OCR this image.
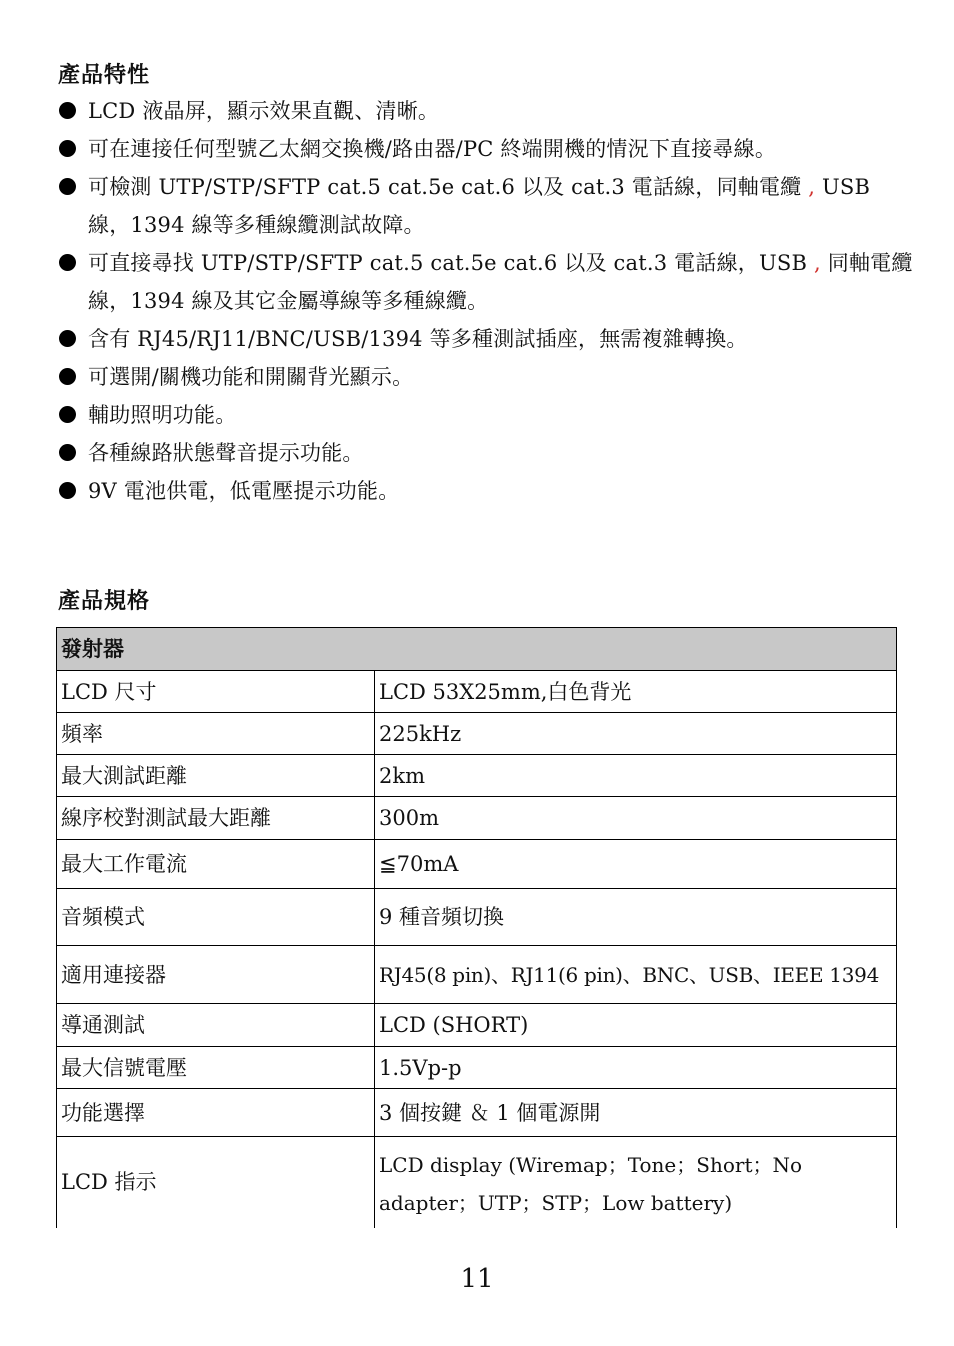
產品特性
LCD 液晶屏，顯示效果直觀、清晰。
可在連接任何型號乙太網交換機/路由器/PC 終端開機的情況下直接尋線。
可檢測 UTP/STP/SFTP cat.5 cat.5e cat.6 以及 cat.3 電話線，同軸電纜 , USB 線，1394 線等多種線纜測試故障。
可直接尋找 UTP/STP/SFTP cat.5 cat.5e cat.6 以及 cat.3 電話線，USB , 同軸電纜線，1394 線及其它金屬導線等多種線纜。
含有 RJ45/RJ11/BNC/USB/1394 等多種測試插座，無需複雜轉換。
可選開/關機功能和開關背光顯示。
輔助照明功能。
各種線路狀態聲音提示功能。
9V 電池供電，低電壓提示功能。
產品規格
發射器	
LCD 尺寸	LCD 53X25mm,白色背光
頻率	225kHz
最大測試距離	2km
線序校對測試最大距離	300m
最大工作電流	≦70mA
音頻模式	9 種音頻切換
適用連接器	RJ45(8 pin)、RJ11(6 pin)、BNC、USB、IEEE 1394
導通測試	LCD (SHORT)
最大信號電壓	1.5Vp-p
功能選擇	3 個按鍵 ＆ 1 個電源開
LCD 指示	LCD display (Wiremap；Tone；Short；No adapter；UTP；STP；Low battery)
11
